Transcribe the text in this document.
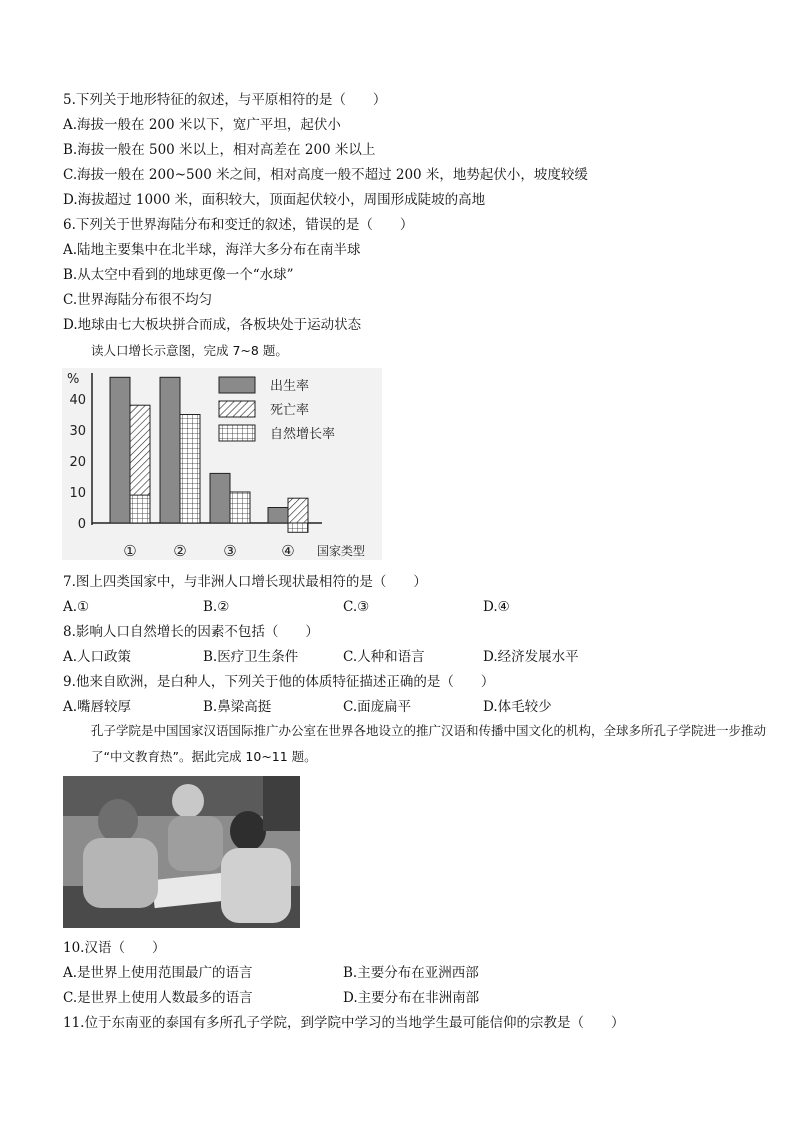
5.下列关于地形特征的叙述，与平原相符的是（　　）
A.海拔一般在 200 米以下，宽广平坦，起伏小
B.海拔一般在 500 米以上，相对高差在 200 米以上
C.海拔一般在 200~500 米之间，相对高度一般不超过 200 米，地势起伏小，坡度较缓
D.海拔超过 1000 米，面积较大，顶面起伏较小，周围形成陡坡的高地
6.下列关于世界海陆分布和变迁的叙述，错误的是（　　）
A.陆地主要集中在北半球，海洋大多分布在南半球
B.从太空中看到的地球更像一个“水球”
C.世界海陆分布很不均匀
D.地球由七大板块拼合而成，各板块处于运动状态
读人口增长示意图，完成 7~8 题。
%
40
30
20
10
0
① ② ③	④ 国家类型
出生率
死亡率
自然增长率
7.图上四类国家中，与非洲人口增长现状最相符的是（　　）
A.①	B.②	C.③	D.④
8.影响人口自然增长的因素不包括（　　）
A.人口政策	B.医疗卫生条件	C.人种和语言	D.经济发展水平
9.他来自欧洲，是白种人，下列关于他的体质特征描述正确的是（　　）
A.嘴唇较厚	B.鼻梁高挺	C.面庞扁平	D.体毛较少
孔子学院是中国国家汉语国际推广办公室在世界各地设立的推广汉语和传播中国文化的机构，全球多所孔子学院进一步推动了“中文教育热”。据此完成 10~11 题。
10.汉语（　　）
A.是世界上使用范围最广的语言	B.主要分布在亚洲西部
C.是世界上使用人数最多的语言	D.主要分布在非洲南部
11.位于东南亚的泰国有多所孔子学院，到学院中学习的当地学生最可能信仰的宗教是（　　）
